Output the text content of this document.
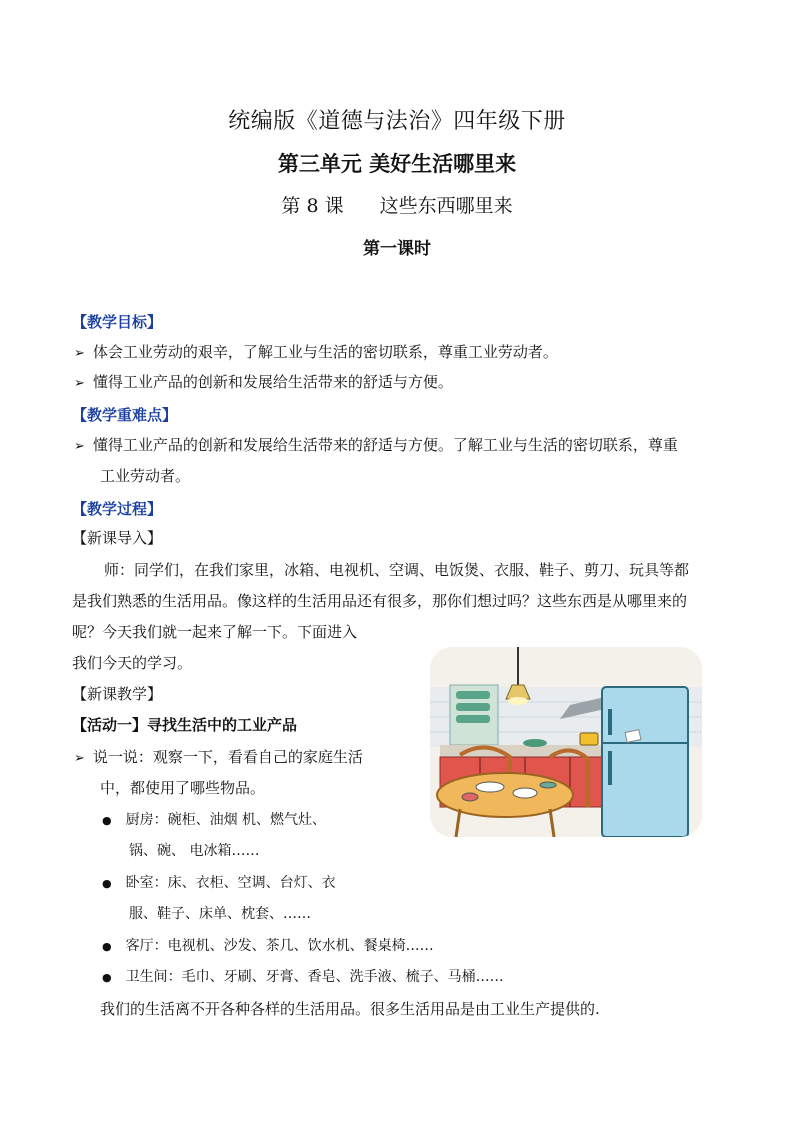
统编版《道德与法治》四年级下册
第三单元 美好生活哪里来
第 8 课 这些东西哪里来
第一课时
【教学目标】
➢ 体会工业劳动的艰辛，了解工业与生活的密切联系，尊重工业劳动者。
➢ 懂得工业产品的创新和发展给生活带来的舒适与方便。
【教学重难点】
➢ 懂得工业产品的创新和发展给生活带来的舒适与方便。了解工业与生活的密切联系，尊重
工业劳动者。
【教学过程】
【新课导入】
师：同学们，在我们家里，冰箱、电视机、空调、电饭煲、衣服、鞋子、剪刀、玩具等都
是我们熟悉的生活用品。像这样的生活用品还有很多，那你们想过吗？这些东西是从哪里来的
呢？今天我们就一起来了解一下。下面进入
我们今天的学习。
【新课教学】
【活动一】寻找生活中的工业产品
➢ 说一说：观察一下，看看自己的家庭生活
中，都使用了哪些物品。
● 厨房：碗柜、油烟 机、燃气灶、
锅、碗、 电冰箱……
● 卧室：床、衣柜、空调、台灯、衣
服、鞋子、床单、枕套、……
● 客厅：电视机、沙发、茶几、饮水机、餐桌椅……
● 卫生间：毛巾、牙刷、牙膏、香皂、洗手液、梳子、马桶……
我们的生活离不开各种各样的生活用品。很多生活用品是由工业生产提供的.
